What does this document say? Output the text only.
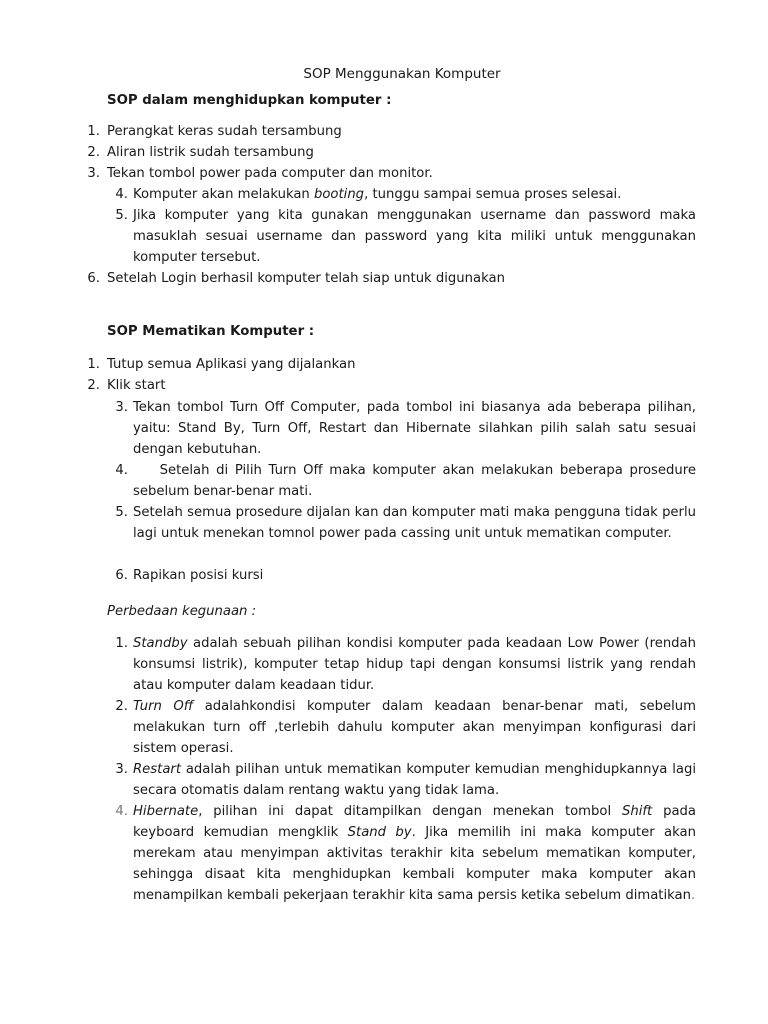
SOP Menggunakan Komputer
SOP dalam menghidupkan komputer :
1. Perangkat keras sudah tersambung
2. Aliran listrik sudah tersambung
3. Tekan tombol power pada computer dan monitor.
4. Komputer akan melakukan booting, tunggu sampai semua proses selesai.
5. Jika komputer yang kita gunakan menggunakan username dan password maka masuklah sesuai username dan password yang kita miliki untuk menggunakan komputer tersebut.
6. Setelah Login berhasil komputer telah siap untuk digunakan
SOP Mematikan Komputer :
1. Tutup semua Aplikasi yang dijalankan
2. Klik start
3. Tekan tombol Turn Off Computer, pada tombol ini biasanya ada beberapa pilihan, yaitu: Stand By, Turn Off, Restart dan Hibernate silahkan pilih salah satu sesuai dengan kebutuhan.
4. Setelah di Pilih Turn Off maka komputer akan melakukan beberapa prosedure sebelum benar-benar mati.
5. Setelah semua prosedure dijalan kan dan komputer mati maka pengguna tidak perlu lagi untuk menekan tomnol power pada cassing unit untuk mematikan computer.
6. Rapikan posisi kursi
Perbedaan kegunaan :
1. Standby adalah sebuah pilihan kondisi komputer pada keadaan Low Power (rendah konsumsi listrik), komputer tetap hidup tapi dengan konsumsi listrik yang rendah atau komputer dalam keadaan tidur.
2. Turn Off adalahkondisi komputer dalam keadaan benar-benar mati, sebelum melakukan turn off ,terlebih dahulu komputer akan menyimpan konfigurasi dari sistem operasi.
3. Restart adalah pilihan untuk mematikan komputer kemudian menghidupkannya lagi secara otomatis dalam rentang waktu yang tidak lama.
4. Hibernate, pilihan ini dapat ditampilkan dengan menekan tombol Shift pada keyboard kemudian mengklik Stand by. Jika memilih ini maka komputer akan merekam atau menyimpan aktivitas terakhir kita sebelum mematikan komputer, sehingga disaat kita menghidupkan kembali komputer maka komputer akan menampilkan kembali pekerjaan terakhir kita sama persis ketika sebelum dimatikan.
